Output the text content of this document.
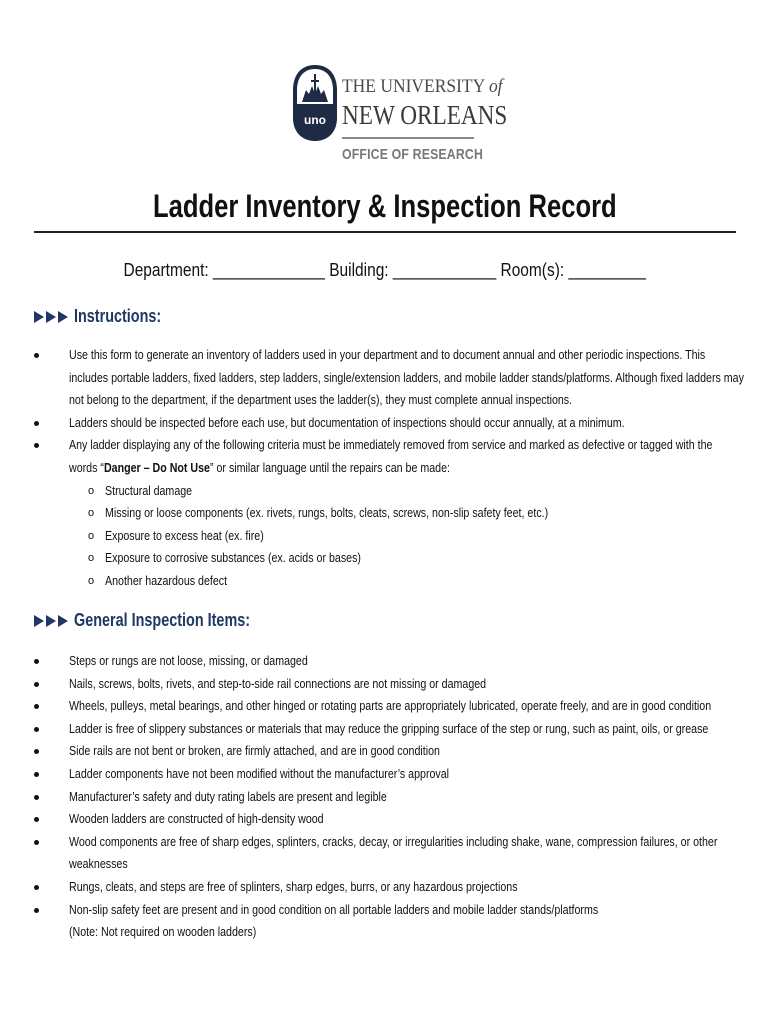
uno
THE UNIVERSITY of
NEW ORLEANS
OFFICE OF RESEARCH
Ladder Inventory & Inspection Record
Department: _____________ Building: ____________ Room(s): _________
Instructions:
Use this form to generate an inventory of ladders used in your department and to document annual and other periodic inspections. This
includes portable ladders, fixed ladders, step ladders, single/extension ladders, and mobile ladder stands/platforms. Although fixed ladders may
not belong to the department, if the department uses the ladder(s), they must complete annual inspections.
Ladders should be inspected before each use, but documentation of inspections should occur annually, at a minimum.
Any ladder displaying any of the following criteria must be immediately removed from service and marked as defective or tagged with the
words “Danger – Do Not Use” or similar language until the repairs can be made:
o Structural damage
o Missing or loose components (ex. rivets, rungs, bolts, cleats, screws, non-slip safety feet, etc.)
o Exposure to excess heat (ex. fire)
o Exposure to corrosive substances (ex. acids or bases)
o Another hazardous defect
General Inspection Items:
Steps or rungs are not loose, missing, or damaged
Nails, screws, bolts, rivets, and step-to-side rail connections are not missing or damaged
Wheels, pulleys, metal bearings, and other hinged or rotating parts are appropriately lubricated, operate freely, and are in good condition
Ladder is free of slippery substances or materials that may reduce the gripping surface of the step or rung, such as paint, oils, or grease
Side rails are not bent or broken, are firmly attached, and are in good condition
Ladder components have not been modified without the manufacturer’s approval
Manufacturer’s safety and duty rating labels are present and legible
Wooden ladders are constructed of high-density wood
Wood components are free of sharp edges, splinters, cracks, decay, or irregularities including shake, wane, compression failures, or other
weaknesses
Rungs, cleats, and steps are free of splinters, sharp edges, burrs, or any hazardous projections
Non-slip safety feet are present and in good condition on all portable ladders and mobile ladder stands/platforms
(Note: Not required on wooden ladders)
